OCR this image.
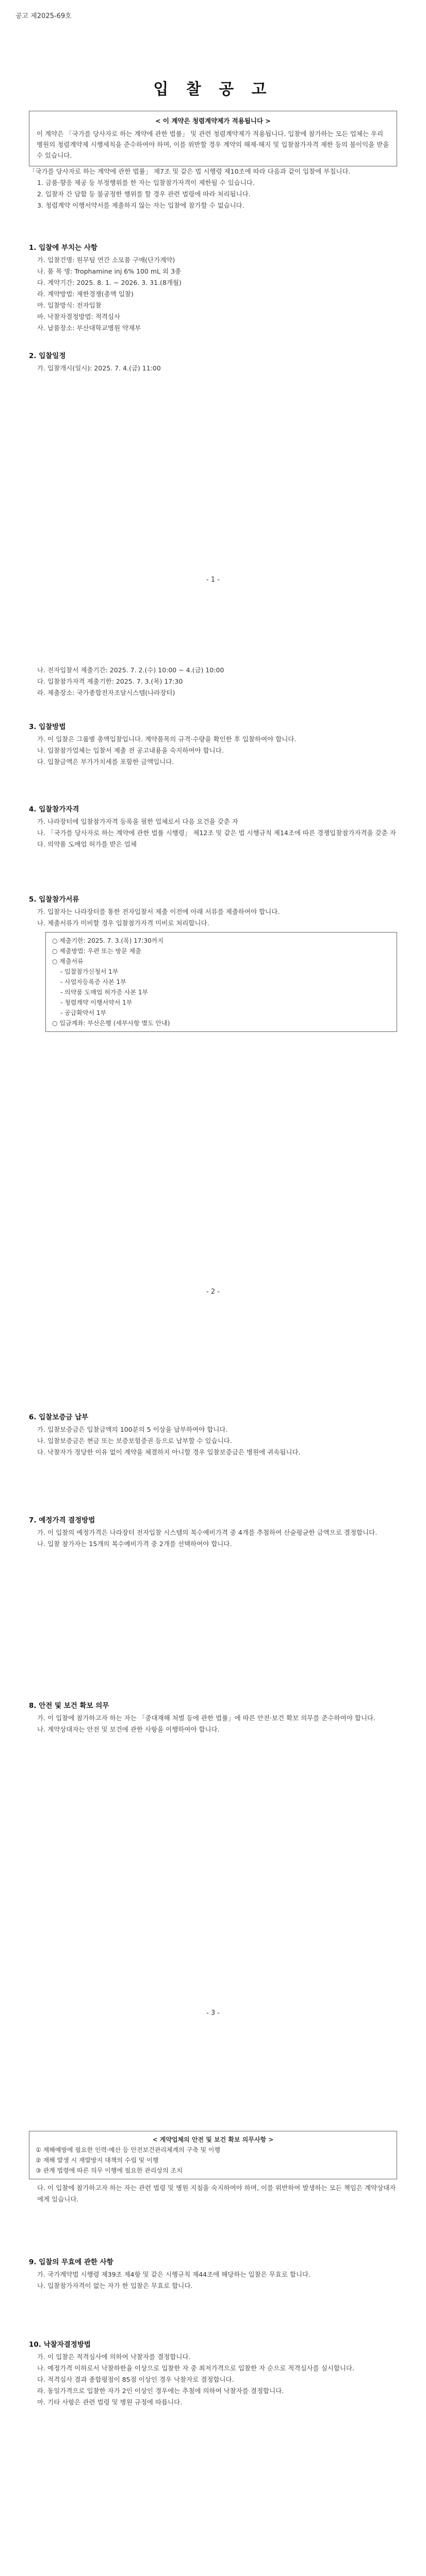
공고 제2025-69호
입 찰 공 고
< 이 계약은 청렴계약제가 적용됩니다 >
이 계약은 「국가를 당사자로 하는 계약에 관한 법률」 및 관련 청렴계약제가 적용됩니다. 입찰에 참가하는 모든 업체는 우리 병원의 청렴계약제 시행세칙을 준수하여야 하며, 이를 위반할 경우 계약의 해제·해지 및 입찰참가자격 제한 등의 불이익을 받을 수 있습니다.
「국가를 당사자로 하는 계약에 관한 법률」 제7조 및 같은 법 시행령 제10조에 따라 다음과 같이 입찰에 부칩니다.
1. 금품·향응 제공 등 부정행위를 한 자는 입찰참가자격이 제한될 수 있습니다.
2. 입찰자 간 담합 등 불공정한 행위를 할 경우 관련 법령에 따라 처리됩니다.
3. 청렴계약 이행서약서를 제출하지 않는 자는 입찰에 참가할 수 없습니다.
1. 입찰에 부치는 사항
가. 입찰건명: 원무팀 연간 소모품 구매(단가계약)
나. 품 목 명: Trophamine inj 6% 100 mL 외 3종
다. 계약기간: 2025. 8. 1. ~ 2026. 3. 31.(8개월)
라. 계약방법: 제한경쟁(총액 입찰)
마. 입찰방식: 전자입찰
바. 낙찰자결정방법: 적격심사
사. 납품장소: 부산대학교병원 약제부
2. 입찰일정
가. 입찰개시(일시): 2025. 7. 4.(금) 11:00
- 1 -
나. 전자입찰서 제출기간: 2025. 7. 2.(수) 10:00 ~ 4.(금) 10:00
다. 입찰참가자격 제출기한: 2025. 7. 3.(목) 17:30
라. 제출장소: 국가종합전자조달시스템(나라장터)
3. 입찰방법
가. 이 입찰은 그룹별 총액입찰입니다. 계약품목의 규격·수량을 확인한 후 입찰하여야 합니다.
나. 입찰참가업체는 입찰서 제출 전 공고내용을 숙지하여야 합니다.
다. 입찰금액은 부가가치세를 포함한 금액입니다.
4. 입찰참가자격
가. 나라장터에 입찰참가자격 등록을 필한 업체로서 다음 요건을 갖춘 자
나. 「국가를 당사자로 하는 계약에 관한 법률 시행령」 제12조 및 같은 법 시행규칙 제14조에 따른 경쟁입찰참가자격을 갖춘 자
다. 의약품 도매업 허가를 받은 업체
5. 입찰참가서류
가. 입찰자는 나라장터를 통한 전자입찰서 제출 이전에 아래 서류를 제출하여야 합니다.
나. 제출서류가 미비할 경우 입찰참가자격 미비로 처리합니다.
○ 제출기한: 2025. 7. 3.(목) 17:30까지
○ 제출방법: 우편 또는 방문 제출
○ 제출서류
- 입찰참가신청서 1부
- 사업자등록증 사본 1부
- 의약품 도매업 허가증 사본 1부
- 청렴계약 이행서약서 1부
- 공급확약서 1부
○ 입금계좌: 부산은행 (세부사항 별도 안내)
- 2 -
6. 입찰보증금 납부
가. 입찰보증금은 입찰금액의 100분의 5 이상을 납부하여야 합니다.
나. 입찰보증금은 현금 또는 보증보험증권 등으로 납부할 수 있습니다.
다. 낙찰자가 정당한 이유 없이 계약을 체결하지 아니할 경우 입찰보증금은 병원에 귀속됩니다.
7. 예정가격 결정방법
가. 이 입찰의 예정가격은 나라장터 전자입찰 시스템의 복수예비가격 중 4개를 추첨하여 산술평균한 금액으로 결정합니다.
나. 입찰 참가자는 15개의 복수예비가격 중 2개를 선택하여야 합니다.
8. 안전 및 보건 확보 의무
가. 이 입찰에 참가하고자 하는 자는 「중대재해 처벌 등에 관한 법률」에 따른 안전·보건 확보 의무를 준수하여야 합니다.
나. 계약상대자는 안전 및 보건에 관한 사항을 이행하여야 합니다.
- 3 -
< 계약업체의 안전 및 보건 확보 의무사항 >
① 재해예방에 필요한 인력·예산 등 안전보건관리체계의 구축 및 이행
② 재해 발생 시 재발방지 대책의 수립 및 이행
③ 관계 법령에 따른 의무 이행에 필요한 관리상의 조치
다. 이 입찰에 참가하고자 하는 자는 관련 법령 및 병원 지침을 숙지하여야 하며, 이를 위반하여 발생하는 모든 책임은 계약상대자에게 있습니다.
9. 입찰의 무효에 관한 사항
가. 국가계약법 시행령 제39조 제4항 및 같은 시행규칙 제44조에 해당하는 입찰은 무효로 합니다.
나. 입찰참가자격이 없는 자가 한 입찰은 무효로 합니다.
10. 낙찰자결정방법
가. 이 입찰은 적격심사에 의하여 낙찰자를 결정합니다.
나. 예정가격 이하로서 낙찰하한율 이상으로 입찰한 자 중 최저가격으로 입찰한 자 순으로 적격심사를 실시합니다.
다. 적격심사 결과 종합평점이 85점 이상인 경우 낙찰자로 결정합니다.
라. 동일가격으로 입찰한 자가 2인 이상인 경우에는 추첨에 의하여 낙찰자를 결정합니다.
마. 기타 사항은 관련 법령 및 병원 규정에 따릅니다.
